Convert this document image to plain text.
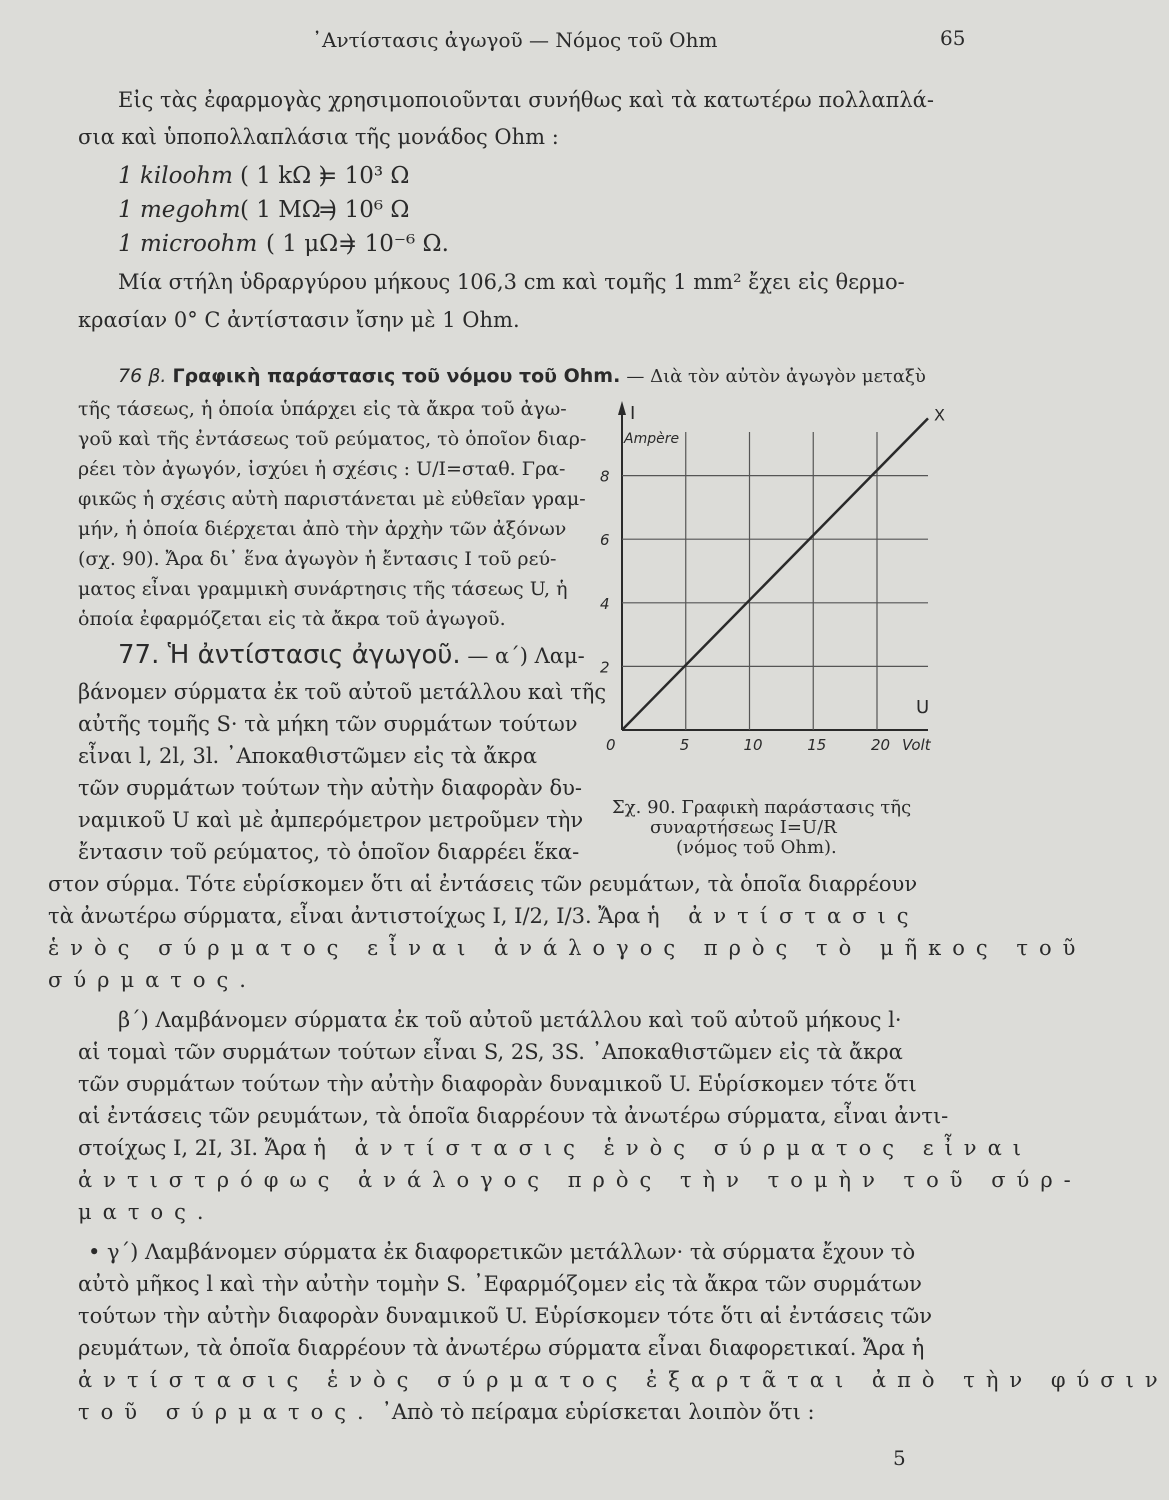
᾿Αντίστασις ἀγωγοῦ — Νόμος τοῦ Ohm	65
Εἰς τὰς ἐφαρμογὰς χρησιμοποιοῦνται συνήθως καὶ τὰ κατωτέρω πολλαπλά-
σια καὶ ὑποπολλαπλάσια τῆς μονάδος Ohm :
1 kiloohm ( 1 kΩ )
= 10³ Ω
1 megohm ( 1 MΩ )
= 10⁶ Ω
1 microohm ( 1 μΩ )
= 10⁻⁶ Ω.
Μία στήλη ὑδραργύρου μήκους 106,3 cm καὶ τομῆς 1 mm² ἔχει εἰς θερμο-
κρασίαν 0° C ἀντίστασιν ἴσην μὲ 1 Ohm.
76 β. Γραφικὴ παράστασις τοῦ νόμου τοῦ Ohm. — Διὰ τὸν αὐτὸν ἀγωγὸν μεταξὺ
τῆς τάσεως, ἡ ὁποία ὑπάρχει εἰς τὰ ἄκρα τοῦ ἀγω-
γοῦ καὶ τῆς ἐντάσεως τοῦ ρεύματος, τὸ ὁποῖον διαρ-
ρέει τὸν ἀγωγόν, ἰσχύει ἡ σχέσις : U/I=σταθ. Γρα-
φικῶς ἡ σχέσις αὐτὴ παριστάνεται μὲ εὐθεῖαν γραμ-
μήν, ἡ ὁποία διέρχεται ἀπὸ τὴν ἀρχὴν τῶν ἀξόνων
(σχ. 90). Ἄρα δι᾿ ἕνα ἀγωγὸν ἡ ἔντασις I τοῦ ρεύ-
ματος εἶναι γραμμικὴ συνάρτησις τῆς τάσεως U, ἡ
ὁποία ἐφαρμόζεται εἰς τὰ ἄκρα τοῦ ἀγωγοῦ.
77. Ἡ ἀντίστασις ἀγωγοῦ. — α΄) Λαμ-
βάνομεν σύρματα ἐκ τοῦ αὐτοῦ μετάλλου καὶ τῆς
αὐτῆς τομῆς S· τὰ μήκη τῶν συρμάτων τούτων
εἶναι l, 2l, 3l. ᾿Αποκαθιστῶμεν εἰς τὰ ἄκρα
τῶν συρμάτων τούτων τὴν αὐτὴν διαφορὰν δυ-
ναμικοῦ U καὶ μὲ ἀμπερόμετρον μετροῦμεν τὴν
ἔντασιν τοῦ ρεύματος, τὸ ὁποῖον διαρρέει ἕκα-
I
Ampère
U
Volt
0	5	10	15	20
2
4
6
8
X
Σχ. 90. Γραφικὴ παράστασις τῆς
συναρτήσεως I=U/R
(νόμος τοῦ Ohm).
στον σύρμα. Τότε εὑρίσκομεν ὅτι αἱ ἐντάσεις τῶν ρευμάτων, τὰ ὁποῖα διαρρέουν
τὰ ἀνωτέρω σύρματα, εἶναι ἀντιστοίχως I, I/2, I/3. Ἄρα ἡ ἀντίστασις
ἑνὸς σύρματος εἶναι ἀνάλογος πρὸς τὸ μῆκος τοῦ
σύρματος.
β΄) Λαμβάνομεν σύρματα ἐκ τοῦ αὐτοῦ μετάλλου καὶ τοῦ αὐτοῦ μήκους l·
αἱ τομαὶ τῶν συρμάτων τούτων εἶναι S, 2S, 3S. ᾿Αποκαθιστῶμεν εἰς τὰ ἄκρα
τῶν συρμάτων τούτων τὴν αὐτὴν διαφορὰν δυναμικοῦ U. Εὑρίσκομεν τότε ὅτι
αἱ ἐντάσεις τῶν ρευμάτων, τὰ ὁποῖα διαρρέουν τὰ ἀνωτέρω σύρματα, εἶναι ἀντι-
στοίχως I, 2I, 3I. Ἄρα ἡ ἀντίστασις ἑνὸς σύρματος εἶναι
ἀντιστρόφως ἀνάλογος πρὸς τὴν τομὴν τοῦ σύρ-
ματος.
• γ΄) Λαμβάνομεν σύρματα ἐκ διαφορετικῶν μετάλλων· τὰ σύρματα ἔχουν τὸ
αὐτὸ μῆκος l καὶ τὴν αὐτὴν τομὴν S. ᾿Εφαρμόζομεν εἰς τὰ ἄκρα τῶν συρμάτων
τούτων τὴν αὐτὴν διαφορὰν δυναμικοῦ U. Εὑρίσκομεν τότε ὅτι αἱ ἐντάσεις τῶν
ρευμάτων, τὰ ὁποῖα διαρρέουν τὰ ἀνωτέρω σύρματα εἶναι διαφορετικαί. Ἄρα ἡ
ἀντίστασις ἑνὸς σύρματος ἐξαρτᾶται ἀπὸ τὴν φύσιν
τοῦ σύρματος. ᾿Απὸ τὸ πείραμα εὑρίσκεται λοιπὸν ὅτι :
5
